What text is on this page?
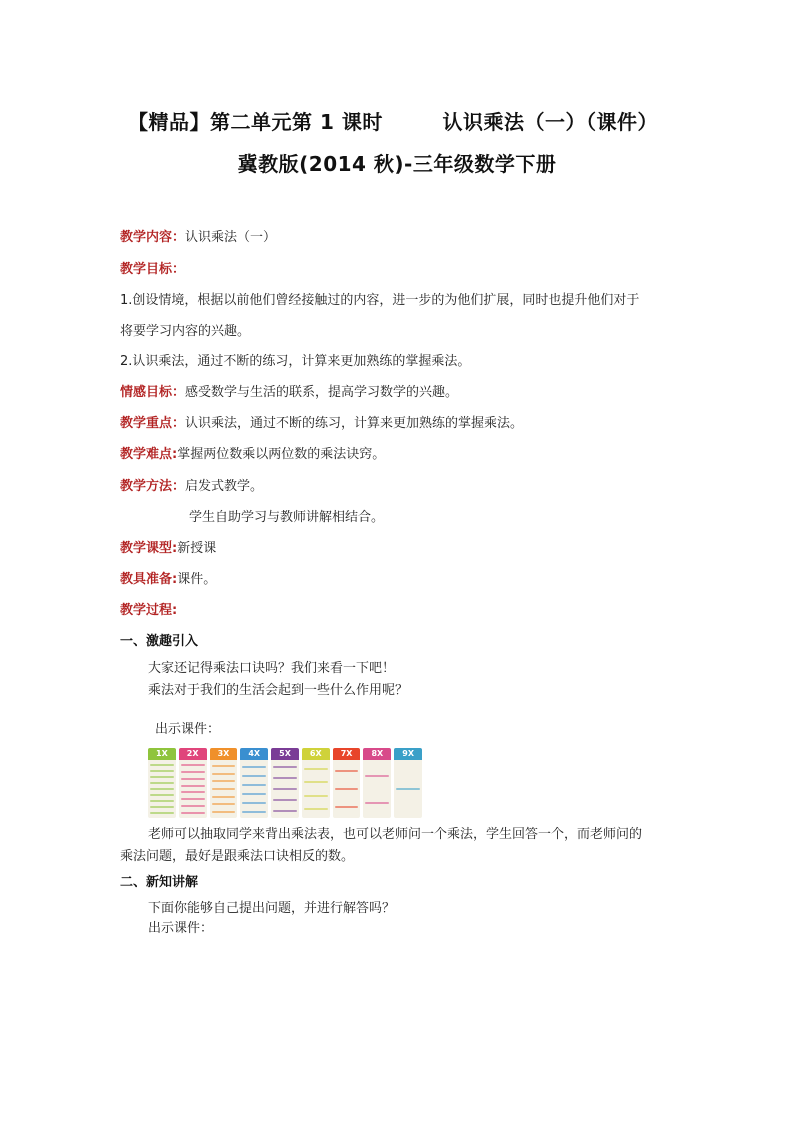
【精品】第二单元第 1 课时        认识乘法（一）（课件）
冀教版(2014 秋)-三年级数学下册
教学内容：认识乘法（一）
教学目标：
1.创设情境，根据以前他们曾经接触过的内容，进一步的为他们扩展，同时也提升他们对于
将要学习内容的兴趣。
2.认识乘法，通过不断的练习，计算来更加熟练的掌握乘法。
情感目标：感受数学与生活的联系，提高学习数学的兴趣。
教学重点：认识乘法，通过不断的练习，计算来更加熟练的掌握乘法。
教学难点:掌握两位数乘以两位数的乘法诀窍。
教学方法：启发式教学。
学生自助学习与教师讲解相结合。
教学课型:新授课
教具准备:课件。
教学过程:
一、激趣引入
大家还记得乘法口诀吗？我们来看一下吧！
乘法对于我们的生活会起到一些什么作用呢？
出示课件：
1X	2X	3X	4X	5X	6X	7X	8X	9X
老师可以抽取同学来背出乘法表，也可以老师问一个乘法，学生回答一个，而老师问的
乘法问题，最好是跟乘法口诀相反的数。
二、新知讲解
下面你能够自己提出问题，并进行解答吗？
出示课件：
